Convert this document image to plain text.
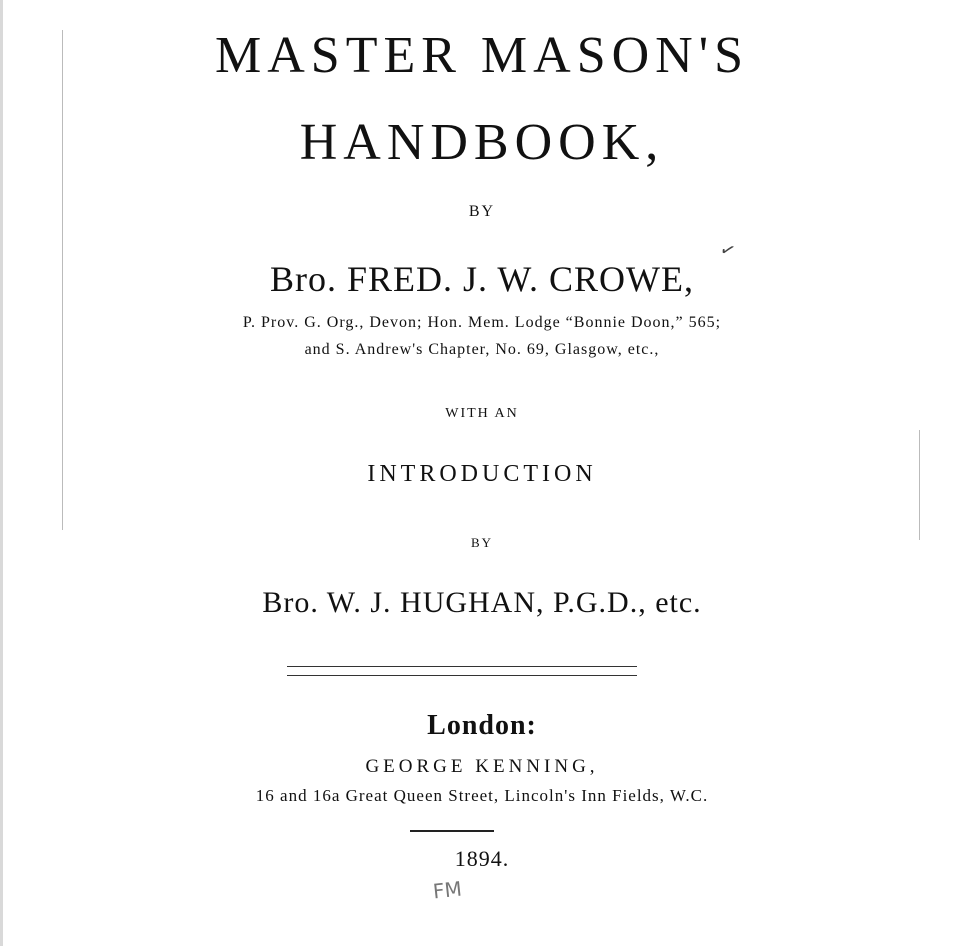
MASTER MASON'S
HANDBOOK,
BY
Bro. FRED. J. W. CROWE,
✓
P. Prov. G. Org., Devon; Hon. Mem. Lodge “Bonnie Doon,” 565;
and S. Andrew's Chapter, No. 69, Glasgow, etc.,
WITH AN
INTRODUCTION
BY
Bro. W. J. HUGHAN, P.G.D., etc.
London:
GEORGE KENNING,
16 and 16a Great Queen Street, Lincoln's Inn Fields, W.C.
1894.
FM
